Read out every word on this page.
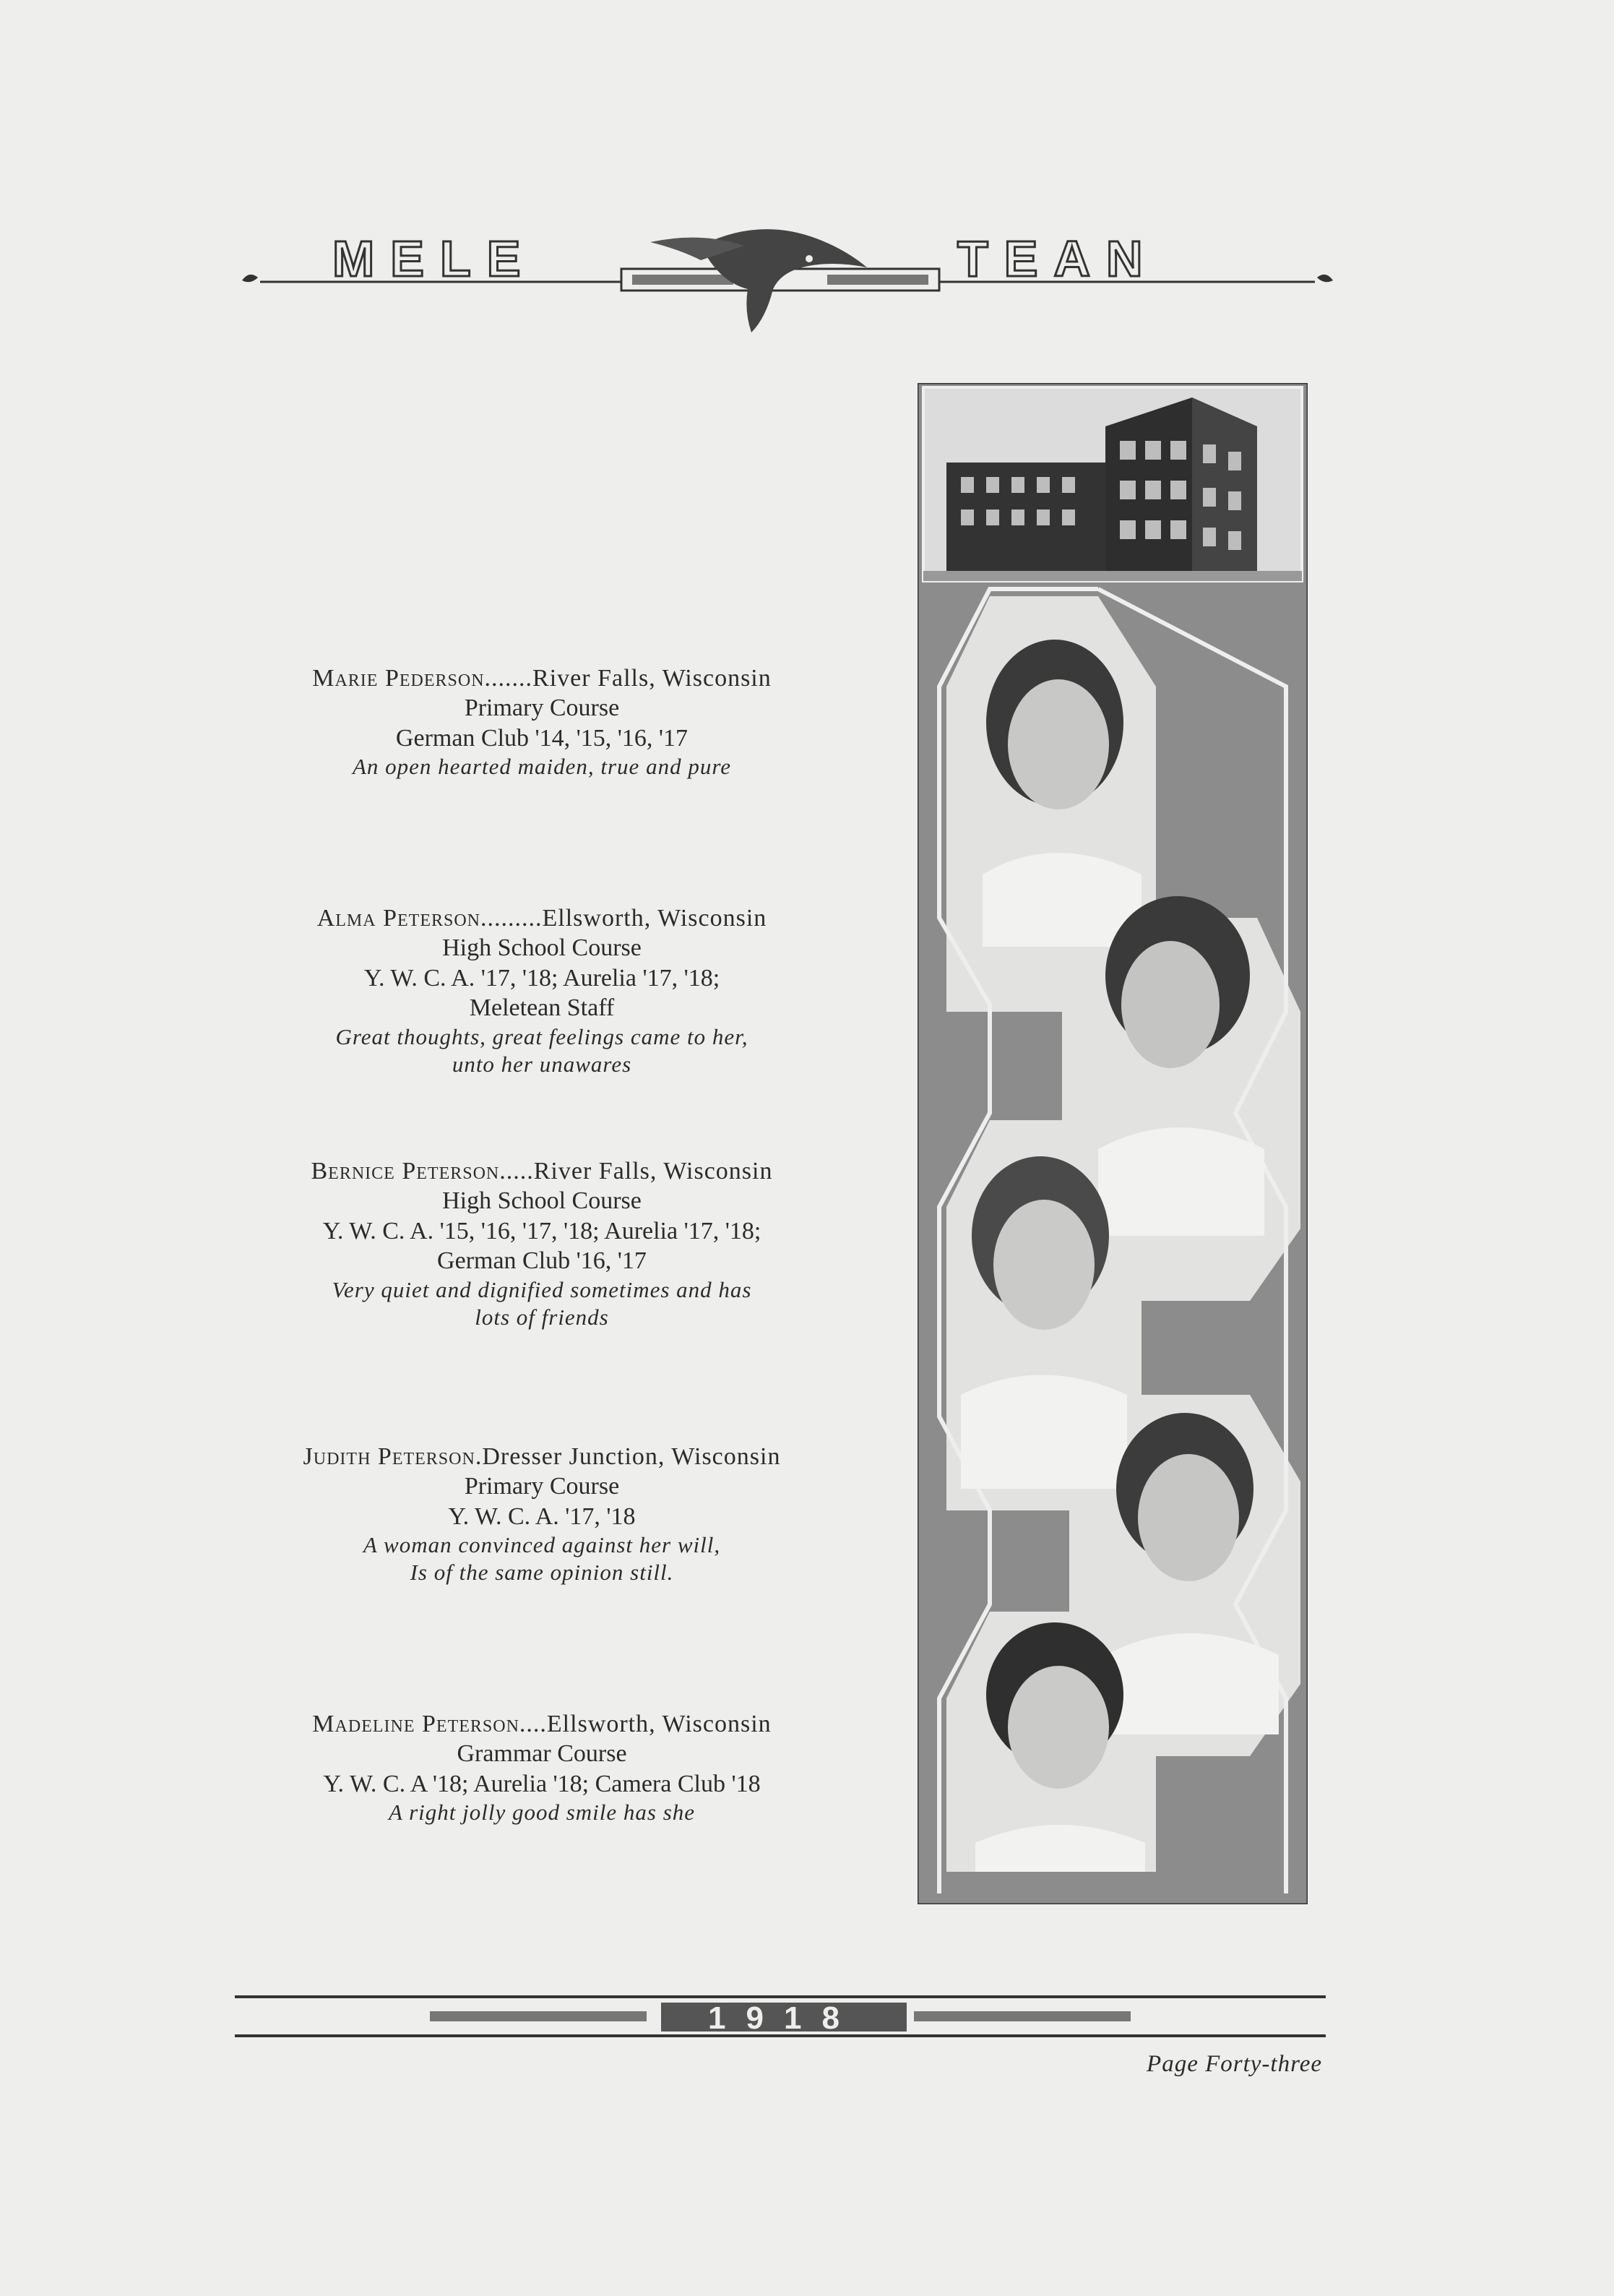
MELE	TEAN
Marie Pederson.......River Falls, Wisconsin
Primary Course
German Club '14, '15, '16, '17
An open hearted maiden, true and pure
Alma Peterson.........Ellsworth, Wisconsin
High School Course
Y. W. C. A. '17, '18; Aurelia '17, '18;
Meletean Staff
Great thoughts, great feelings came to her,
unto her unawares
Bernice Peterson.....River Falls, Wisconsin
High School Course
Y. W. C. A. '15, '16, '17, '18; Aurelia '17, '18;
German Club '16, '17
Very quiet and dignified sometimes and has
lots of friends
Judith Peterson.Dresser Junction, Wisconsin
Primary Course
Y. W. C. A. '17, '18
A woman convinced against her will,
Is of the same opinion still.
Madeline Peterson....Ellsworth, Wisconsin
Grammar Course
Y. W. C. A '18; Aurelia '18; Camera Club '18
A right jolly good smile has she
1918
Page Forty-three
